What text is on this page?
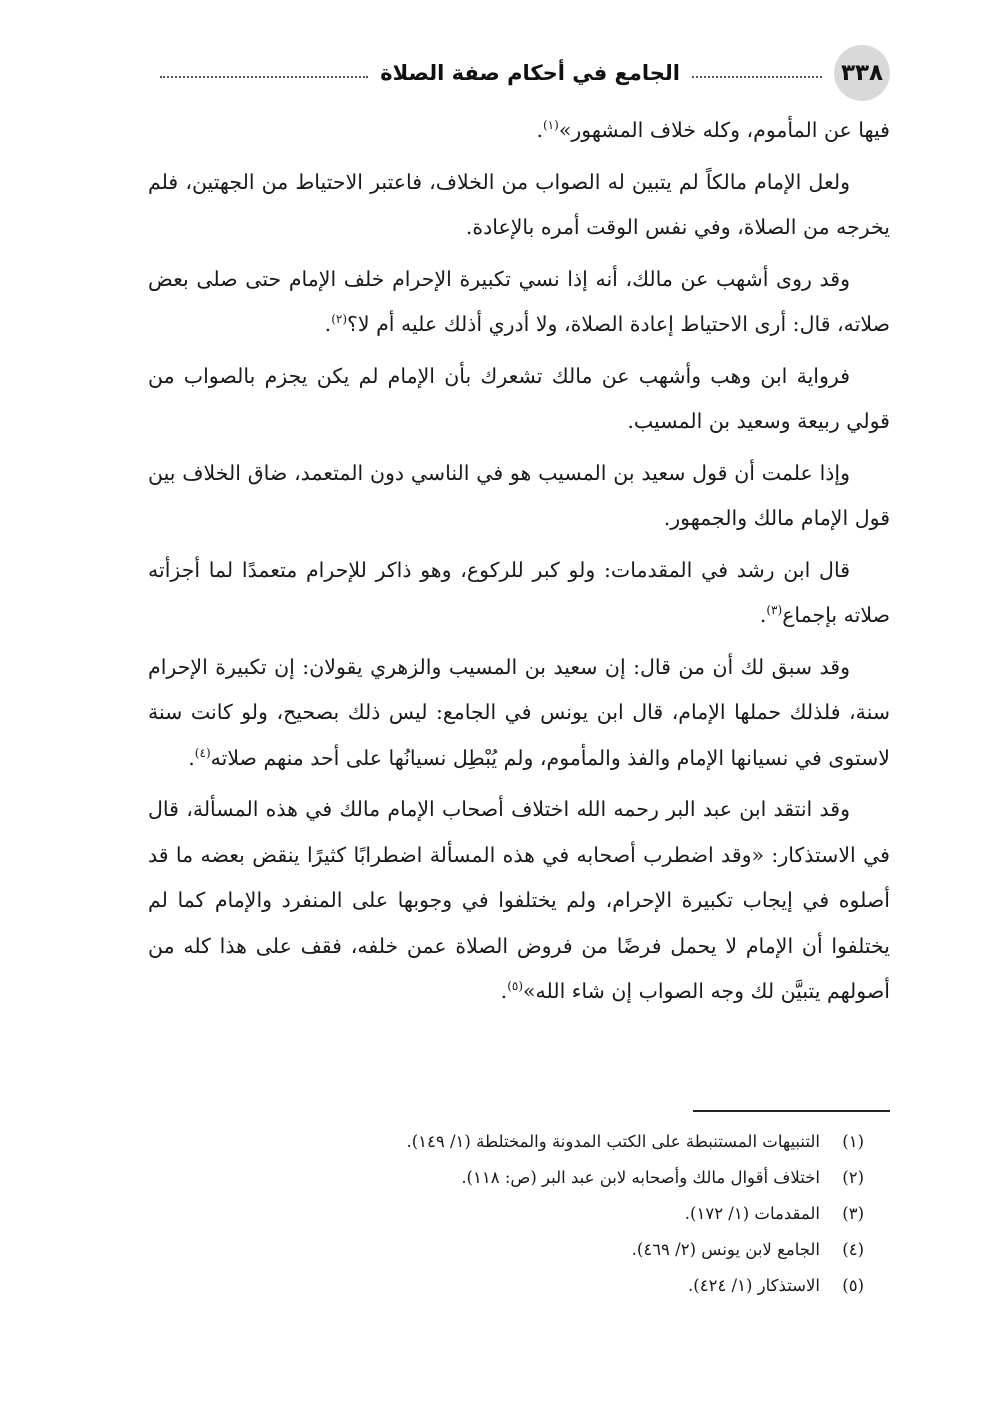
٣٣٨
الجامع في أحكام صفة الصلاة

فيها عن المأموم، وكله خلاف المشهور»$^{(١)}$.

ولعل الإمام مالكاً لم يتبين له الصواب من الخلاف، فاعتبر الاحتياط من الجهتين، فلم يخرجه من الصلاة، وفي نفس الوقت أمره بالإعادة.

وقد روى أشهب عن مالك، أنه إذا نسي تكبيرة الإحرام خلف الإمام حتى صلى بعض صلاته، قال: أرى الاحتياط إعادة الصلاة، ولا أدري أذلك عليه أم لا؟$^{(٢)}$.

فرواية ابن وهب وأشهب عن مالك تشعرك بأن الإمام لم يكن يجزم بالصواب من قولي ربيعة وسعيد بن المسيب.

وإذا علمت أن قول سعيد بن المسيب هو في الناسي دون المتعمد، ضاق الخلاف بين قول الإمام مالك والجمهور.

قال ابن رشد في المقدمات: ولو كبر للركوع، وهو ذاكر للإحرام متعمدًا لما أجزأته صلاته بإجماع$^{(٣)}$.

وقد سبق لك أن من قال: إن سعيد بن المسيب والزهري يقولان: إن تكبيرة الإحرام سنة، فلذلك حملها الإمام، قال ابن يونس في الجامع: ليس ذلك بصحيح، ولو كانت سنة لاستوى في نسيانها الإمام والفذ والمأموم، ولم يُبْطِل نسيانُها على أحد منهم صلاته$^{(٤)}$.

وقد انتقد ابن عبد البر رحمه الله اختلاف أصحاب الإمام مالك في هذه المسألة، قال في الاستذكار: «وقد اضطرب أصحابه في هذه المسألة اضطرابًا كثيرًا ينقض بعضه ما قد أصلوه في إيجاب تكبيرة الإحرام، ولم يختلفوا في وجوبها على المنفرد والإمام كما لم يختلفوا أن الإمام لا يحمل فرضًا من فروض الصلاة عمن خلفه، فقف على هذا كله من أصولهم يتبيَّن لك وجه الصواب إن شاء الله»$^{(٥)}$.

(١)
التنبيهات المستنبطة على الكتب المدونة والمختلطة (١/ ١٤٩).
(٢)
اختلاف أقوال مالك وأصحابه لابن عبد البر (ص: ١١٨).
(٣)
المقدمات (١/ ١٧٢).
(٤)
الجامع لابن يونس (٢/ ٤٦٩).
(٥)
الاستذكار (١/ ٤٢٤).
